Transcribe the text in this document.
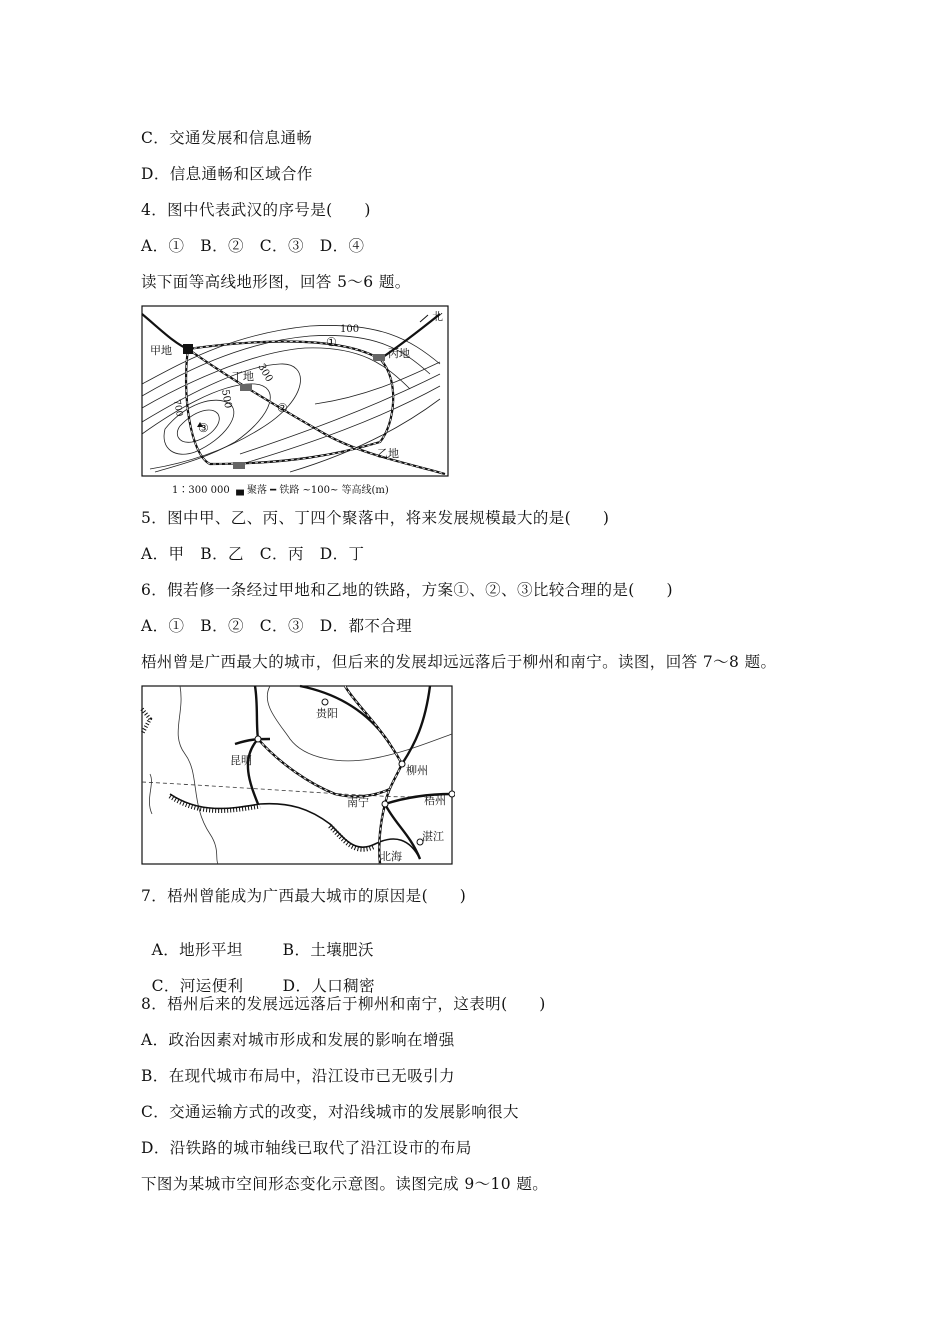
C．交通发展和信息通畅
D．信息通畅和区域合作
4．图中代表武汉的序号是(　　)
A．①　B．②　C．③　D．④
读下面等高线地形图，回答 5～6 题。
甲地
乙地
丙地
丁地
北
100
300
500
700
①
②
③
1∶300 000  ▄ 聚落 ━ 铁路 ~100~ 等高线(m)
5．图中甲、乙、丙、丁四个聚落中，将来发展规模最大的是(　　)
A．甲　B．乙　C．丙　D．丁
6．假若修一条经过甲地和乙地的铁路，方案①、②、③比较合理的是(　　)
A．①　B．②　C．③　D．都不合理
梧州曾是广西最大的城市，但后来的发展却远远落后于柳州和南宁。读图，回答 7～8 题。
贵阳
昆明
柳州
南宁	梧州
湛江
北海
7．梧州曾能成为广西最大城市的原因是(　　)

A．地形平坦	B．土壤肥沃

C．河运便利	D．人口稠密

8．梧州后来的发展远远落后于柳州和南宁，这表明(　　)
A．政治因素对城市形成和发展的影响在增强
B．在现代城市布局中，沿江设市已无吸引力
C．交通运输方式的改变，对沿线城市的发展影响很大
D．沿铁路的城市轴线已取代了沿江设市的布局
下图为某城市空间形态变化示意图。读图完成 9～10 题。
